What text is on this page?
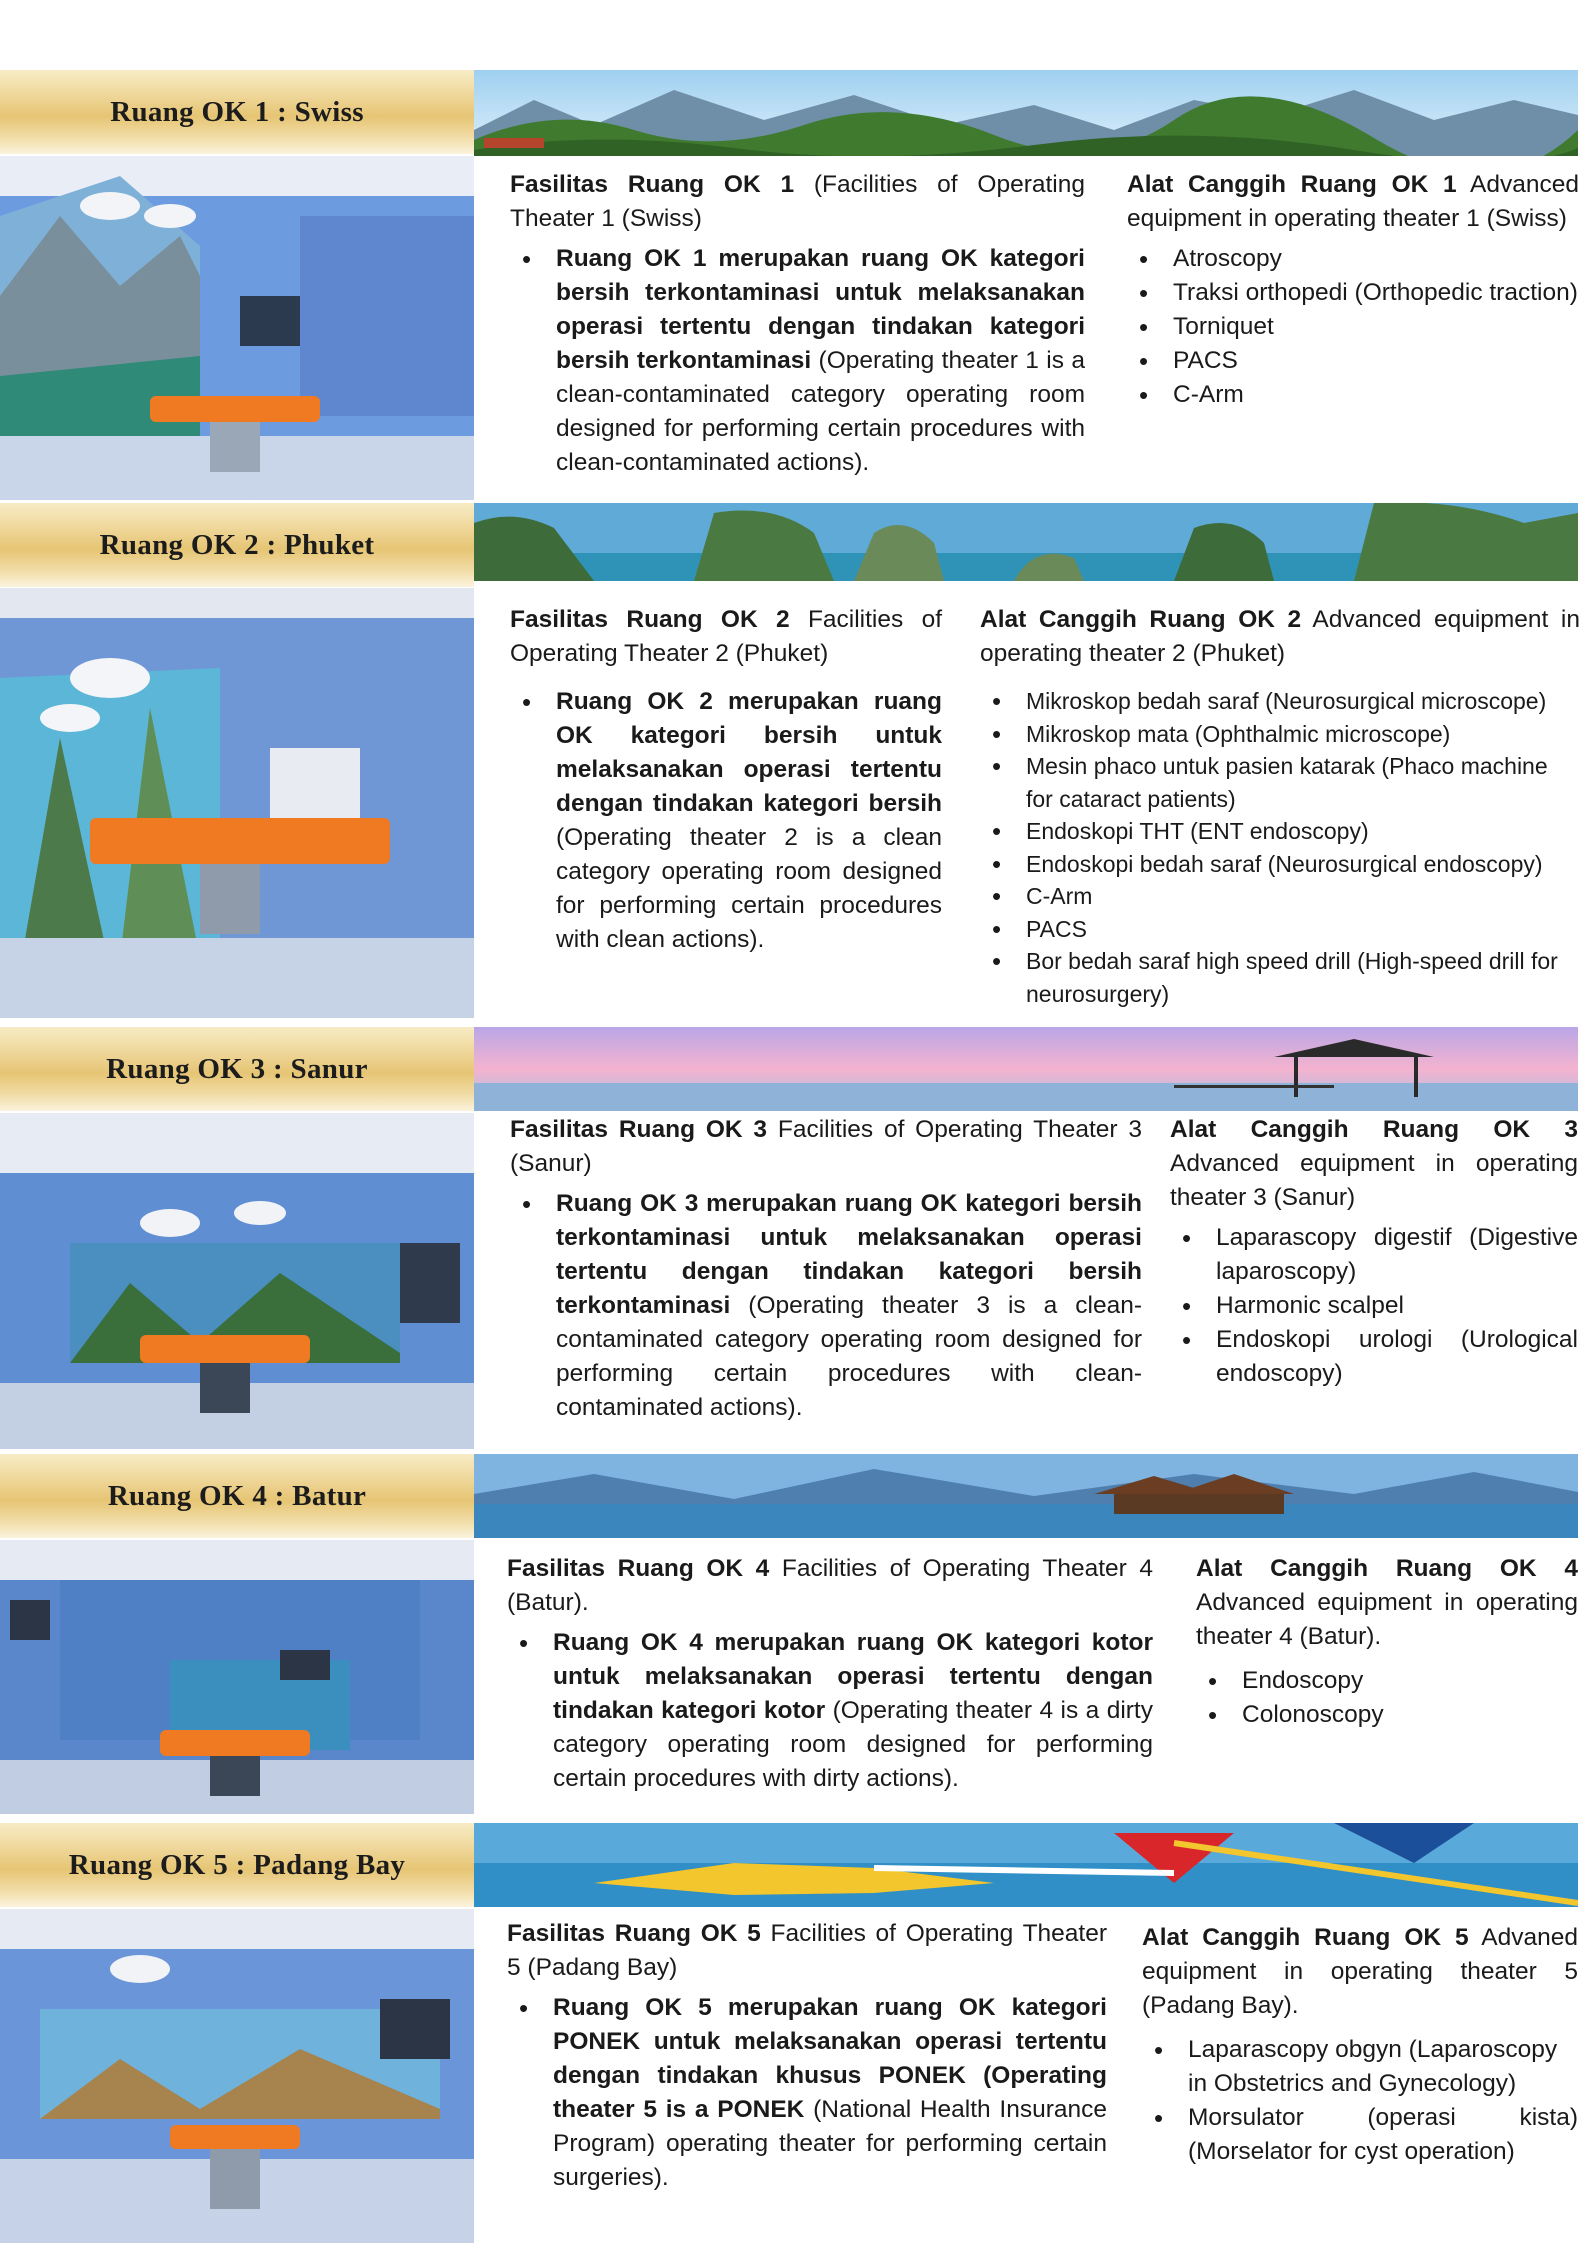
Ruang OK 1 : Swiss

Fasilitas Ruang OK 1 (Facilities of Operating Theater 1 (Swiss)

• Ruang OK 1 merupakan ruang OK kategori bersih terkontaminasi untuk melaksanakan operasi tertentu dengan tindakan kategori bersih terkontaminasi (Operating theater 1 is a clean-contaminated category operating room designed for performing certain procedures with clean-contaminated actions).

Alat Canggih Ruang OK 1 Advanced equipment in operating theater 1 (Swiss)

• Atroscopy
• Traksi orthopedi (Orthopedic traction)
• Torniquet
• PACS
• C-Arm
Ruang OK 2 : Phuket

Fasilitas Ruang OK 2 Facilities of Operating Theater 2 (Phuket)

• Ruang OK 2 merupakan ruang OK kategori bersih untuk melaksanakan operasi tertentu dengan tindakan kategori bersih (Operating theater 2 is a clean category operating room designed for performing certain procedures with clean actions).

Alat Canggih Ruang OK 2 Advanced equipment in operating theater 2 (Phuket)

• Mikroskop bedah saraf (Neurosurgical microscope)
• Mikroskop mata (Ophthalmic microscope)
• Mesin phaco untuk pasien katarak (Phaco machine for cataract patients)
• Endoskopi THT (ENT endoscopy)
• Endoskopi bedah saraf (Neurosurgical endoscopy)
• C-Arm
• PACS
• Bor bedah saraf high speed drill (High-speed drill for neurosurgery)
Ruang OK 3 : Sanur

Fasilitas Ruang OK 3 Facilities of Operating Theater 3 (Sanur)

• Ruang OK 3 merupakan ruang OK kategori bersih terkontaminasi untuk melaksanakan operasi tertentu dengan tindakan kategori bersih terkontaminasi (Operating theater 3 is a clean-contaminated category operating room designed for performing certain procedures with clean-contaminated actions).

Alat Canggih Ruang OK 3 Advanced equipment in operating theater 3 (Sanur)

• Laparascopy digestif (Digestive laparoscopy)
• Harmonic scalpel
• Endoskopi urologi (Urological endoscopy)
Ruang OK 4 : Batur

Fasilitas Ruang OK 4 Facilities of Operating Theater 4 (Batur).

• Ruang OK 4 merupakan ruang OK kategori kotor untuk melaksanakan operasi tertentu dengan tindakan kategori kotor (Operating theater 4 is a dirty category operating room designed for performing certain procedures with dirty actions).

Alat Canggih Ruang OK 4 Advanced equipment in operating theater 4 (Batur).

• Endoscopy
• Colonoscopy
Ruang OK 5 : Padang Bay

Fasilitas Ruang OK 5 Facilities of Operating Theater 5 (Padang Bay)

• Ruang OK 5 merupakan ruang OK kategori PONEK untuk melaksanakan operasi tertentu dengan tindakan khusus PONEK (Operating theater 5 is a PONEK (National Health Insurance Program) operating theater for performing certain surgeries).

Alat Canggih Ruang OK 5 Advaned equipment in operating theater 5 (Padang Bay).

• Laparascopy obgyn (Laparoscopy in Obstetrics and Gynecology)
• Morsulator (operasi kista) (Morselator for cyst operation)
